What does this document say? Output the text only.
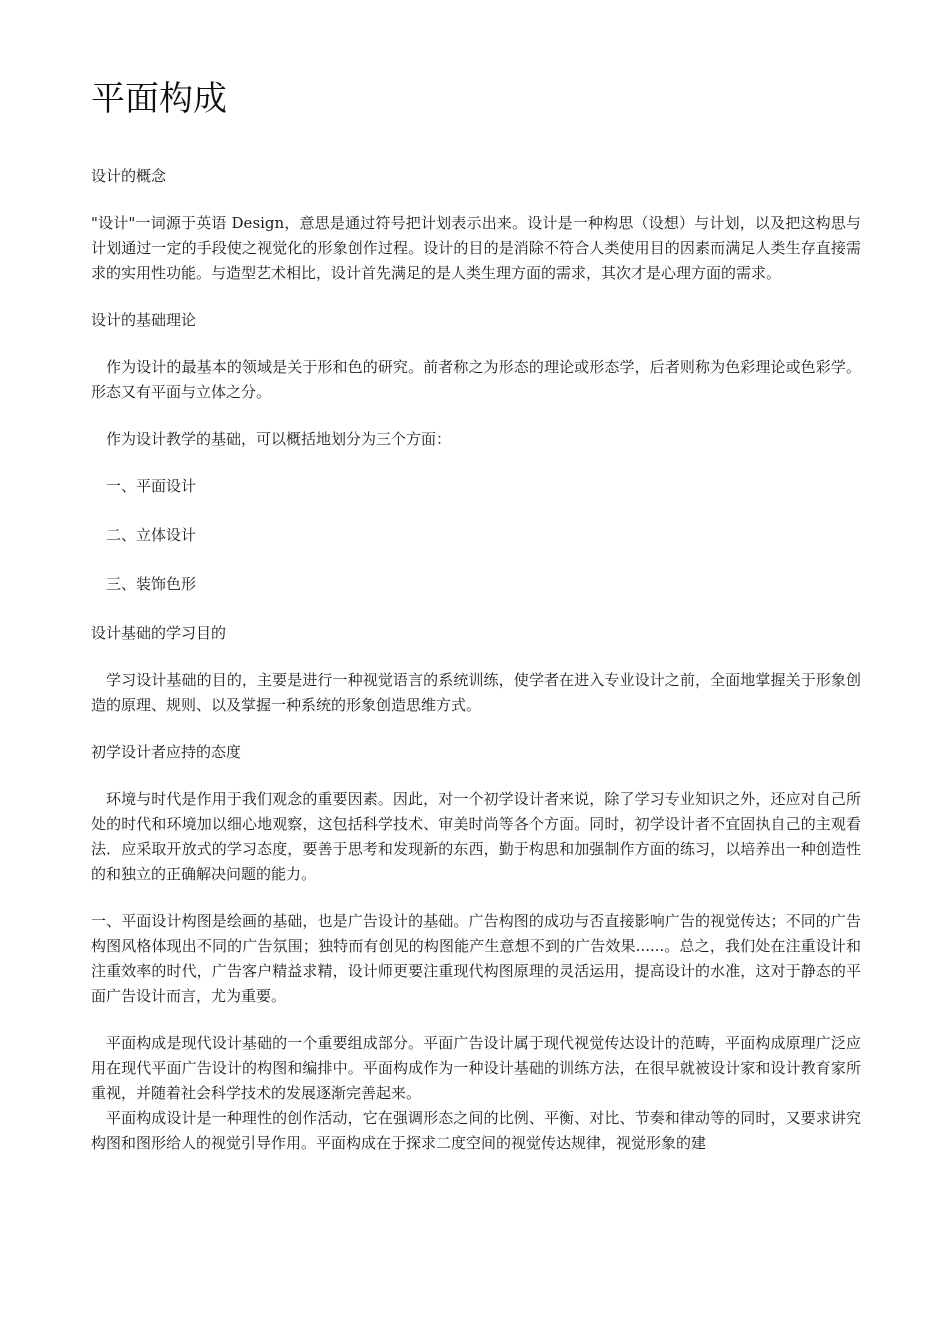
平面构成
设计的概念

"设计"一词源于英语 Design，意思是通过符号把计划表示出来。设计是一种构思（设想）与计划，以及把这构思与计划通过一定的手段使之视觉化的形象创作过程。设计的目的是消除不符合人类使用目的因素而满足人类生存直接需求的实用性功能。与造型艺术相比，设计首先满足的是人类生理方面的需求，其次才是心理方面的需求。

设计的基础理论

作为设计的最基本的领域是关于形和色的研究。前者称之为形态的理论或形态学，后者则称为色彩理论或色彩学。形态又有平面与立体之分。

作为设计教学的基础，可以概括地划分为三个方面：

一、平面设计
二、立体设计
三、装饰色形
设计基础的学习目的

学习设计基础的目的，主要是进行一种视觉语言的系统训练，使学者在进入专业设计之前，全面地掌握关于形象创造的原理、规则、以及掌握一种系统的形象创造思维方式。

初学设计者应持的态度

环境与时代是作用于我们观念的重要因素。因此，对一个初学设计者来说，除了学习专业知识之外，还应对自己所处的时代和环境加以细心地观察，这包括科学技术、审美时尚等各个方面。同时，初学设计者不宜固执自己的主观看法．应采取开放式的学习态度，要善于思考和发现新的东西，勤于构思和加强制作方面的练习，以培养出一种创造性的和独立的正确解决问题的能力。

一、平面设计构图是绘画的基础，也是广告设计的基础。广告构图的成功与否直接影响广告的视觉传达；不同的广告构图风格体现出不同的广告氛围；独特而有创见的构图能产生意想不到的广告效果......。总之，我们处在注重设计和注重效率的时代，广告客户精益求精，设计师更要注重现代构图原理的灵活运用，提高设计的水准，这对于静态的平面广告设计而言，尤为重要。

平面构成是现代设计基础的一个重要组成部分。平面广告设计属于现代视觉传达设计的范畴，平面构成原理广泛应用在现代平面广告设计的构图和编排中。平面构成作为一种设计基础的训练方法，在很早就被设计家和设计教育家所重视，并随着社会科学技术的发展逐渐完善起来。

平面构成设计是一种理性的创作活动，它在强调形态之间的比例、平衡、对比、节奏和律动等的同时，又要求讲究构图和图形给人的视觉引导作用。平面构成在于探求二度空间的视觉传达规律，视觉形象的建
